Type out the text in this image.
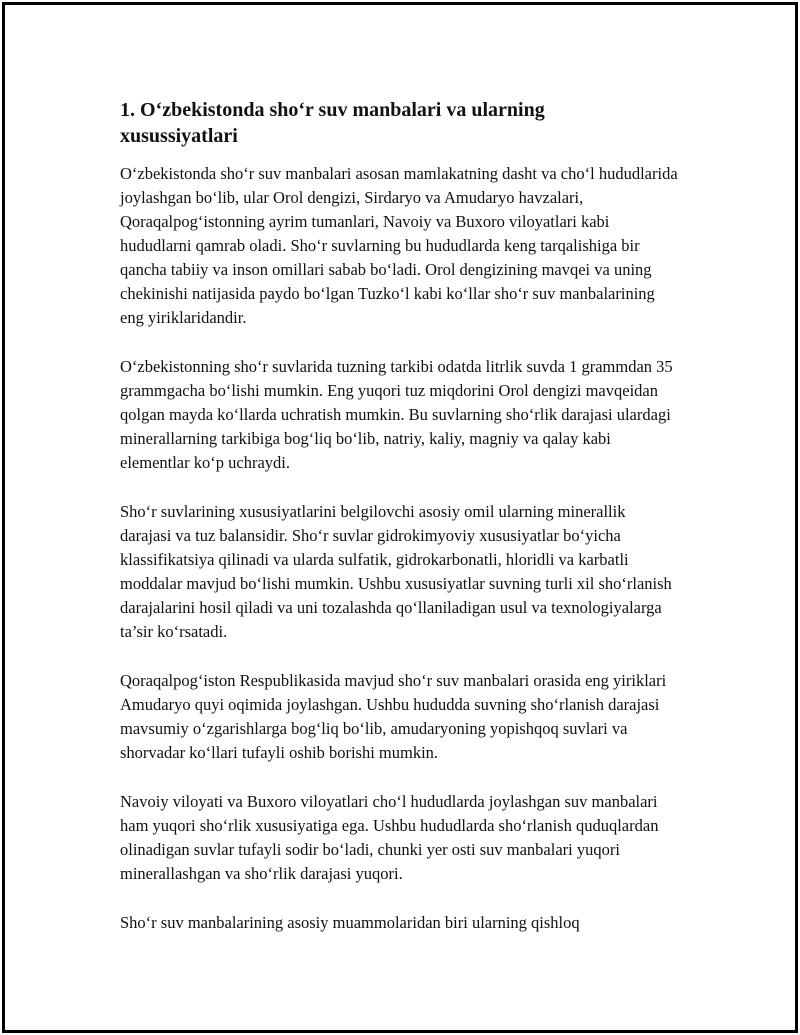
1. O‘zbekistonda sho‘r suv manbalari va ularning xusussiyatlari

O‘zbekistonda sho‘r suv manbalari asosan mamlakatning dasht va cho‘l hududlarida joylashgan bo‘lib, ular Orol dengizi, Sirdaryo va Amudaryo havzalari, Qoraqalpog‘istonning ayrim tumanlari, Navoiy va Buxoro viloyatlari kabi hududlarni qamrab oladi. Sho‘r suvlarning bu hududlarda keng tarqalishiga bir qancha tabiiy va inson omillari sabab bo‘ladi. Orol dengizining mavqei va uning chekinishi natijasida paydo bo‘lgan Tuzko‘l kabi ko‘llar sho‘r suv manbalarining eng yiriklaridandir.

O‘zbekistonning sho‘r suvlarida tuzning tarkibi odatda litrlik suvda 1 grammdan 35 grammgacha bo‘lishi mumkin. Eng yuqori tuz miqdorini Orol dengizi mavqeidan qolgan mayda ko‘llarda uchratish mumkin. Bu suvlarning sho‘rlik darajasi ulardagi minerallarning tarkibiga bog‘liq bo‘lib, natriy, kaliy, magniy va qalay kabi elementlar ko‘p uchraydi.

Sho‘r suvlarining xususiyatlarini belgilovchi asosiy omil ularning minerallik darajasi va tuz balansidir. Sho‘r suvlar gidrokimyoviy xususiyatlar bo‘yicha klassifikatsiya qilinadi va ularda sulfatik, gidrokarbonatli, hloridli va karbatli moddalar mavjud bo‘lishi mumkin. Ushbu xususiyatlar suvning turli xil sho‘rlanish darajalarini hosil qiladi va uni tozalashda qo‘llaniladigan usul va texnologiyalarga ta’sir ko‘rsatadi.

Qoraqalpog‘iston Respublikasida mavjud sho‘r suv manbalari orasida eng yiriklari Amudaryo quyi oqimida joylashgan. Ushbu hududda suvning sho‘rlanish darajasi mavsumiy o‘zgarishlarga bog‘liq bo‘lib, amudaryoning yopishqoq suvlari va shorvadar ko‘llari tufayli oshib borishi mumkin.

Navoiy viloyati va Buxoro viloyatlari cho‘l hududlarda joylashgan suv manbalari ham yuqori sho‘rlik xususiyatiga ega. Ushbu hududlarda sho‘rlanish quduqlardan olinadigan suvlar tufayli sodir bo‘ladi, chunki yer osti suv manbalari yuqori minerallashgan va sho‘rlik darajasi yuqori.

Sho‘r suv manbalarining asosiy muammolaridan biri ularning qishloq
